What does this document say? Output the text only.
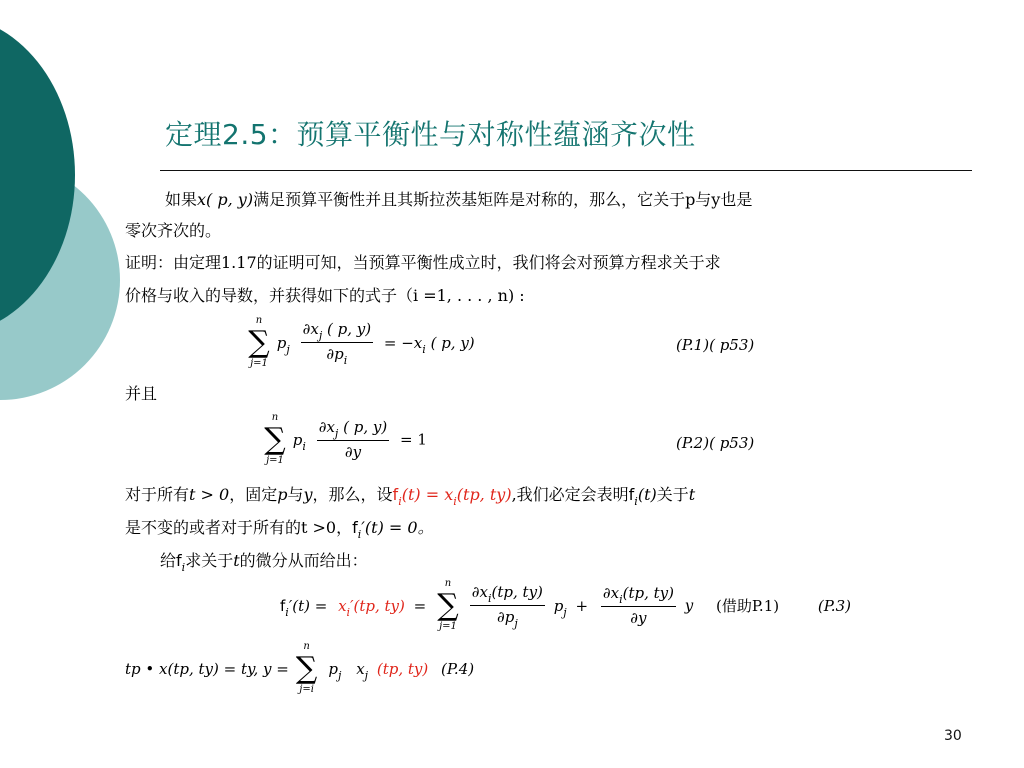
定理2.5：预算平衡性与对称性蕴涵齐次性
如果x( p, y)满足预算平衡性并且其斯拉茨基矩阵是对称的，那么，它关于p与y也是
零次齐次的。
证明：由定理1.17的证明可知，当预算平衡性成立时，我们将会对预算方程求关于求
价格与收入的导数，并获得如下的式子（i =1, . . . , n) :
n
∑
j=1
$p_j \frac{\partial x_j ( p, y)}{\partial p_i} = -x_i$ ( p, y)	(P.1)( p53)
并且
n
∑
j=1
$p_i \frac{\partial x_j ( p, y)}{\partial y} = 1$	(P.2)( p53)
对于所有t > 0，固定p与y，那么，设$f_i(t) = x_i(tp$, ty),我们必定会表明$f_i(t)$关于t
是不变的或者对于所有的t >0，$f_i'(t) = 0$。
给$f_i$求关于t的微分从而给出：
$f_i'(t) = x_i'(tp$, ty) =
n
∑
j=1
$\frac{\partial x_i(tp, ty)}{\partial p_j} p_j + \frac{\partial x_i(tp, ty)}{\partial y}$ y (借助P.1)	(P.3)
tp • x(tp, ty) = ty, y =
n
∑
j=i
$p_j$ $x_j$ (tp, ty) (P.4)
30
